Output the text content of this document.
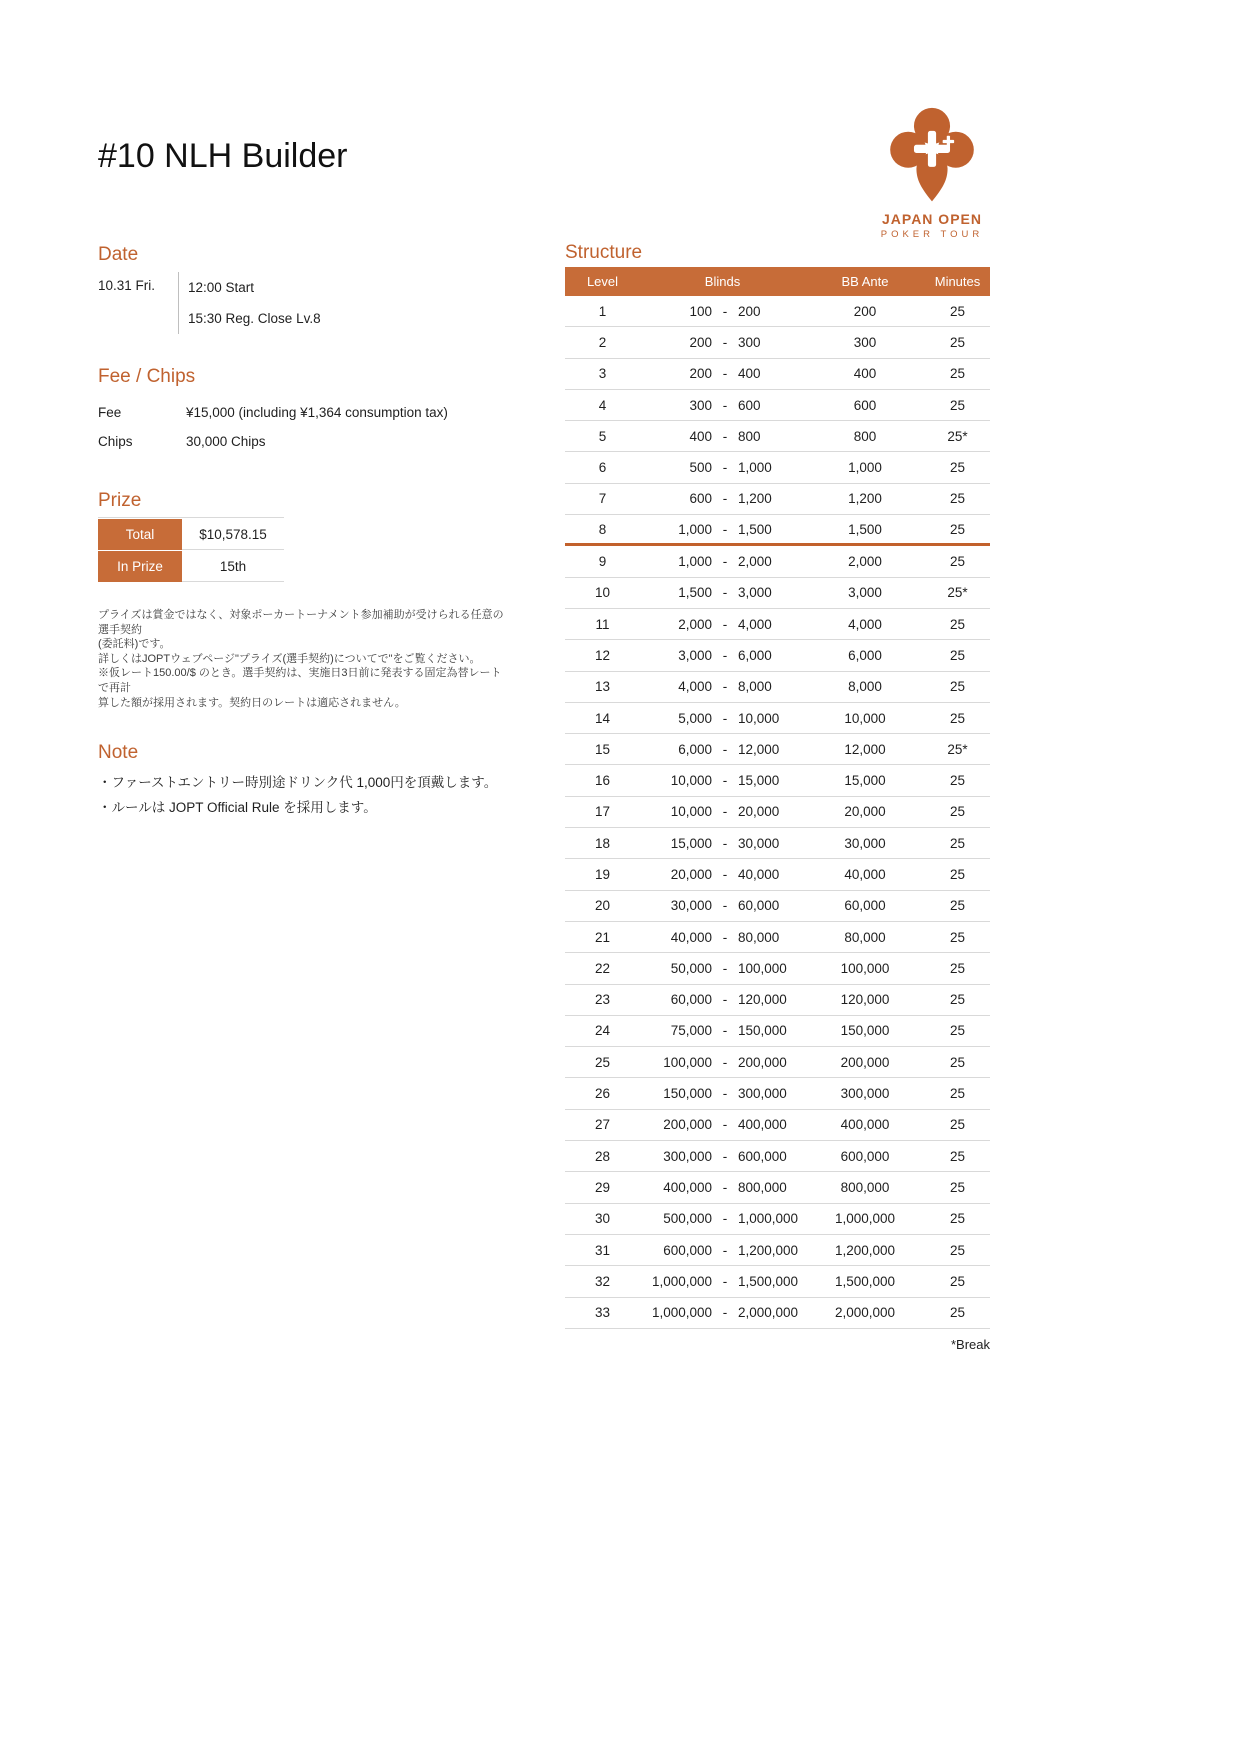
#10 NLH Builder
JAPAN OPEN
POKER TOUR
Date
10.31 Fri.	12:00 Start
15:30 Reg. Close Lv.8
Fee / Chips
Fee	¥15,000 (including ¥1,364 consumption tax)
Chips	30,000 Chips
Prize
Total	$10,578.15
In Prize	15th
プライズは賞金ではなく、対象ポーカートーナメント参加補助が受けられる任意の選手契約
(委託料)です。
詳しくはJOPTウェブページ"プライズ(選手契約)についてで"をご覧ください。
※仮レート150.00/$ のとき。選手契約は、実施日3日前に発表する固定為替レートで再計
算した額が採用されます。契約日のレートは適応されません。
Note
・ファーストエントリー時別途ドリンク代 1,000円を頂戴します。
・ルールは JOPT Official Rule を採用します。
Structure
Level	Blinds	BB Ante	Minutes
1	100 - 200	200	25
2	200 - 300	300	25
3	200 - 400	400	25
4	300 - 600	600	25
5	400 - 800	800	25*
6	500 - 1,000	1,000	25
7	600 - 1,200	1,200	25
8	1,000 - 1,500	1,500	25
9	1,000 - 2,000	2,000	25
10	1,500 - 3,000	3,000	25*
11	2,000 - 4,000	4,000	25
12	3,000 - 6,000	6,000	25
13	4,000 - 8,000	8,000	25
14	5,000 - 10,000	10,000	25
15	6,000 - 12,000	12,000	25*
16	10,000 - 15,000	15,000	25
17	10,000 - 20,000	20,000	25
18	15,000 - 30,000	30,000	25
19	20,000 - 40,000	40,000	25
20	30,000 - 60,000	60,000	25
21	40,000 - 80,000	80,000	25
22	50,000 - 100,000	100,000	25
23	60,000 - 120,000	120,000	25
24	75,000 - 150,000	150,000	25
25	100,000 - 200,000	200,000	25
26	150,000 - 300,000	300,000	25
27	200,000 - 400,000	400,000	25
28	300,000 - 600,000	600,000	25
29	400,000 - 800,000	800,000	25
30	500,000 - 1,000,000	1,000,000	25
31	600,000 - 1,200,000	1,200,000	25
32	1,000,000 - 1,500,000	1,500,000	25
33	1,000,000 - 2,000,000	2,000,000	25
*Break
